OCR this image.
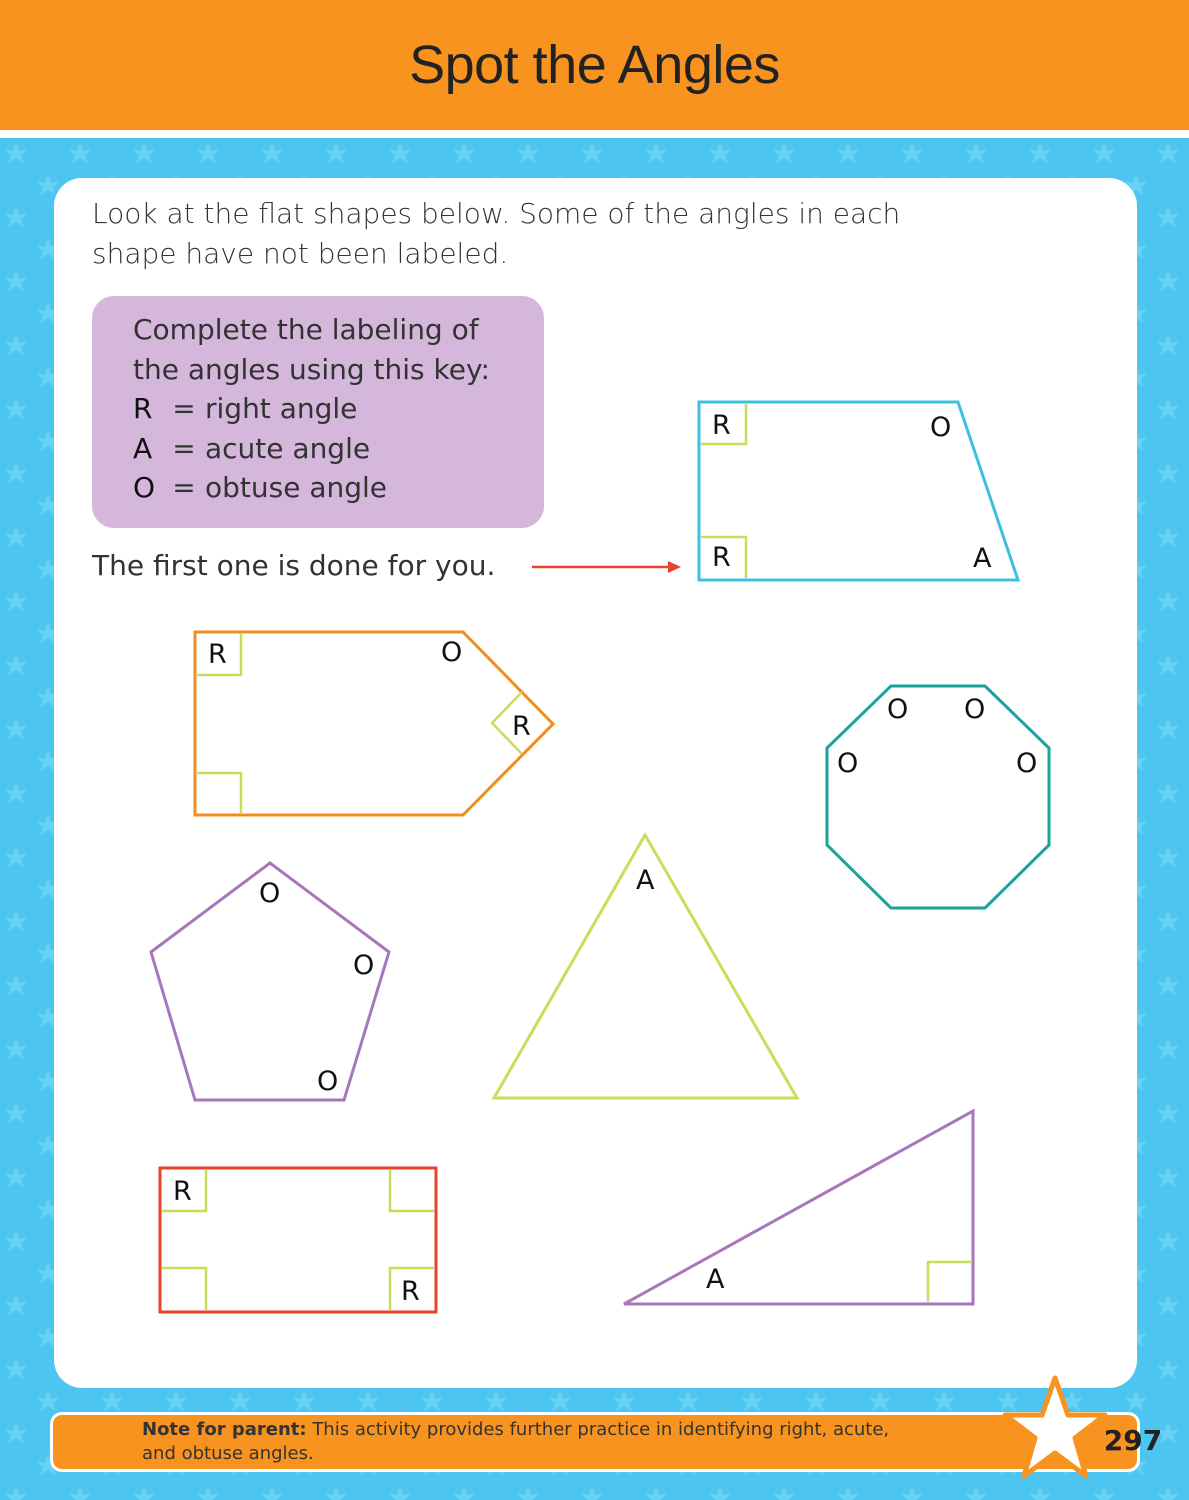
Spot the Angles
Look at the flat shapes below. Some of the angles in each
shape have not been labeled.
Complete the labeling of
the angles using this key:
R = right angle
A = acute angle
O = obtuse angle
The first one is done for you.
R	O
R	A
R	O
R
O O
O	O
O
O
O
A
R
R	A
Note for parent: This activity provides further practice in identifying right, acute,
and obtuse angles.	297
